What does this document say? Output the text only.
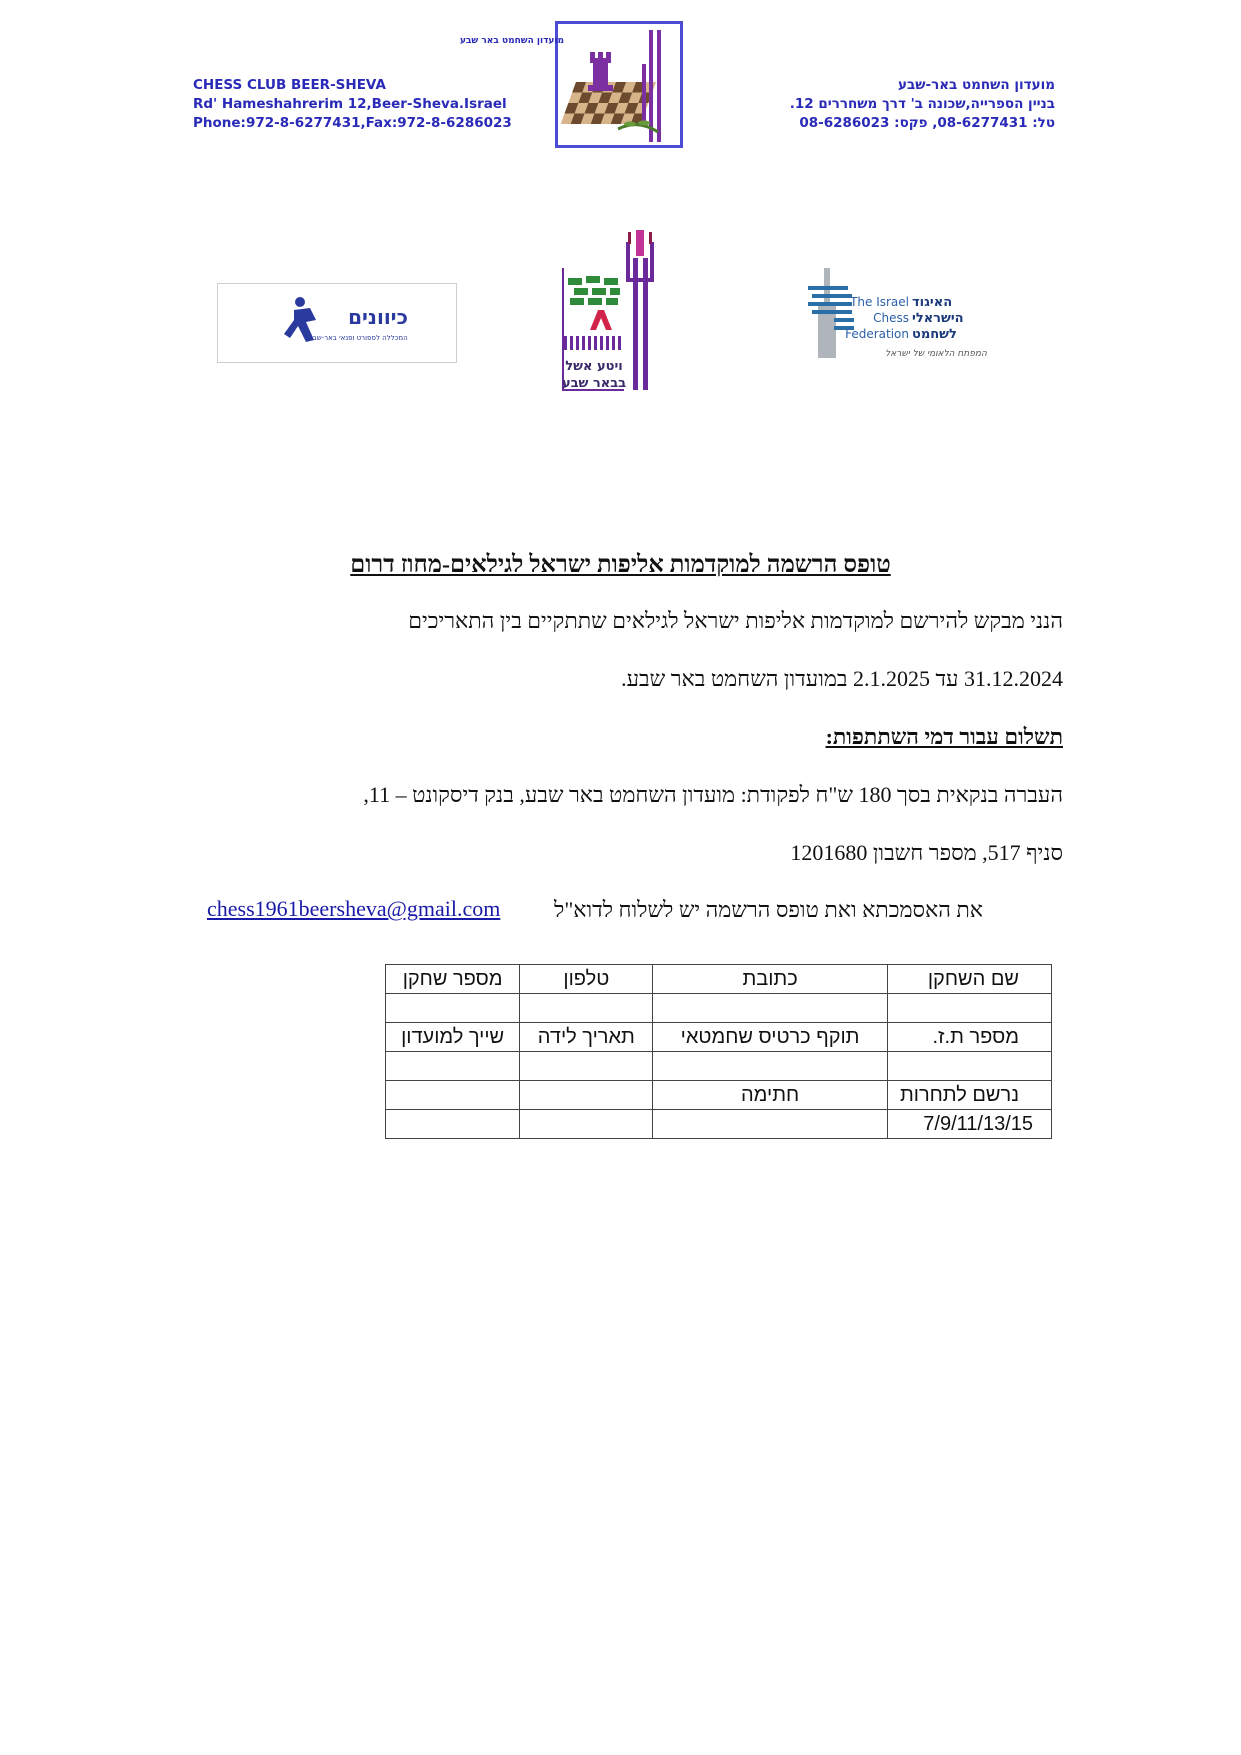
CHESS CLUB BEER-SHEVA
Rd' Hameshahrerim 12,Beer-Sheva.Israel
Phone:972-8-6277431,Fax:972-8-6286023
מועדון השחמט באר-שבע
בניין הספרייה,שכונה ב' דרך משחררים 12.
טל: 08-6277431, פקס: 08-6286023
מועדון השחמט באר שבע
כיוונים
המכללה לספורט ופנאי באר-שבע
ויטע אשל
בבאר שבע
The Israel
Chess
Federation
האיגוד
הישראלי
לשחמט
המפתח הלאומי של ישראל
טופס הרשמה למוקדמות אליפות ישראל לגילאים-מחוז דרום
הנני מבקש להירשם למוקדמות אליפות ישראל לגילאים שתתקיים בין התאריכים
31.12.2024 עד 2.1.2025 במועדון השחמט באר שבע.
תשלום עבור דמי השתתפות:
העברה בנקאית בסך 180 ש"ח לפקודת: מועדון השחמט באר שבע, בנק דיסקונט – 11,
סניף 517, מספר חשבון 1201680
את האסמכתא ואת טופס הרשמה יש לשלוח לדוא"ל
chess1961beersheva@gmail.com
שם השחקן	כתובת	טלפון	מספר שחקן

מספר ת.ז.	תוקף כרטיס שחמטאי	תאריך לידה	שייך למועדון

נרשם לתחרות	חתימה		
7/9/11/13/15			
